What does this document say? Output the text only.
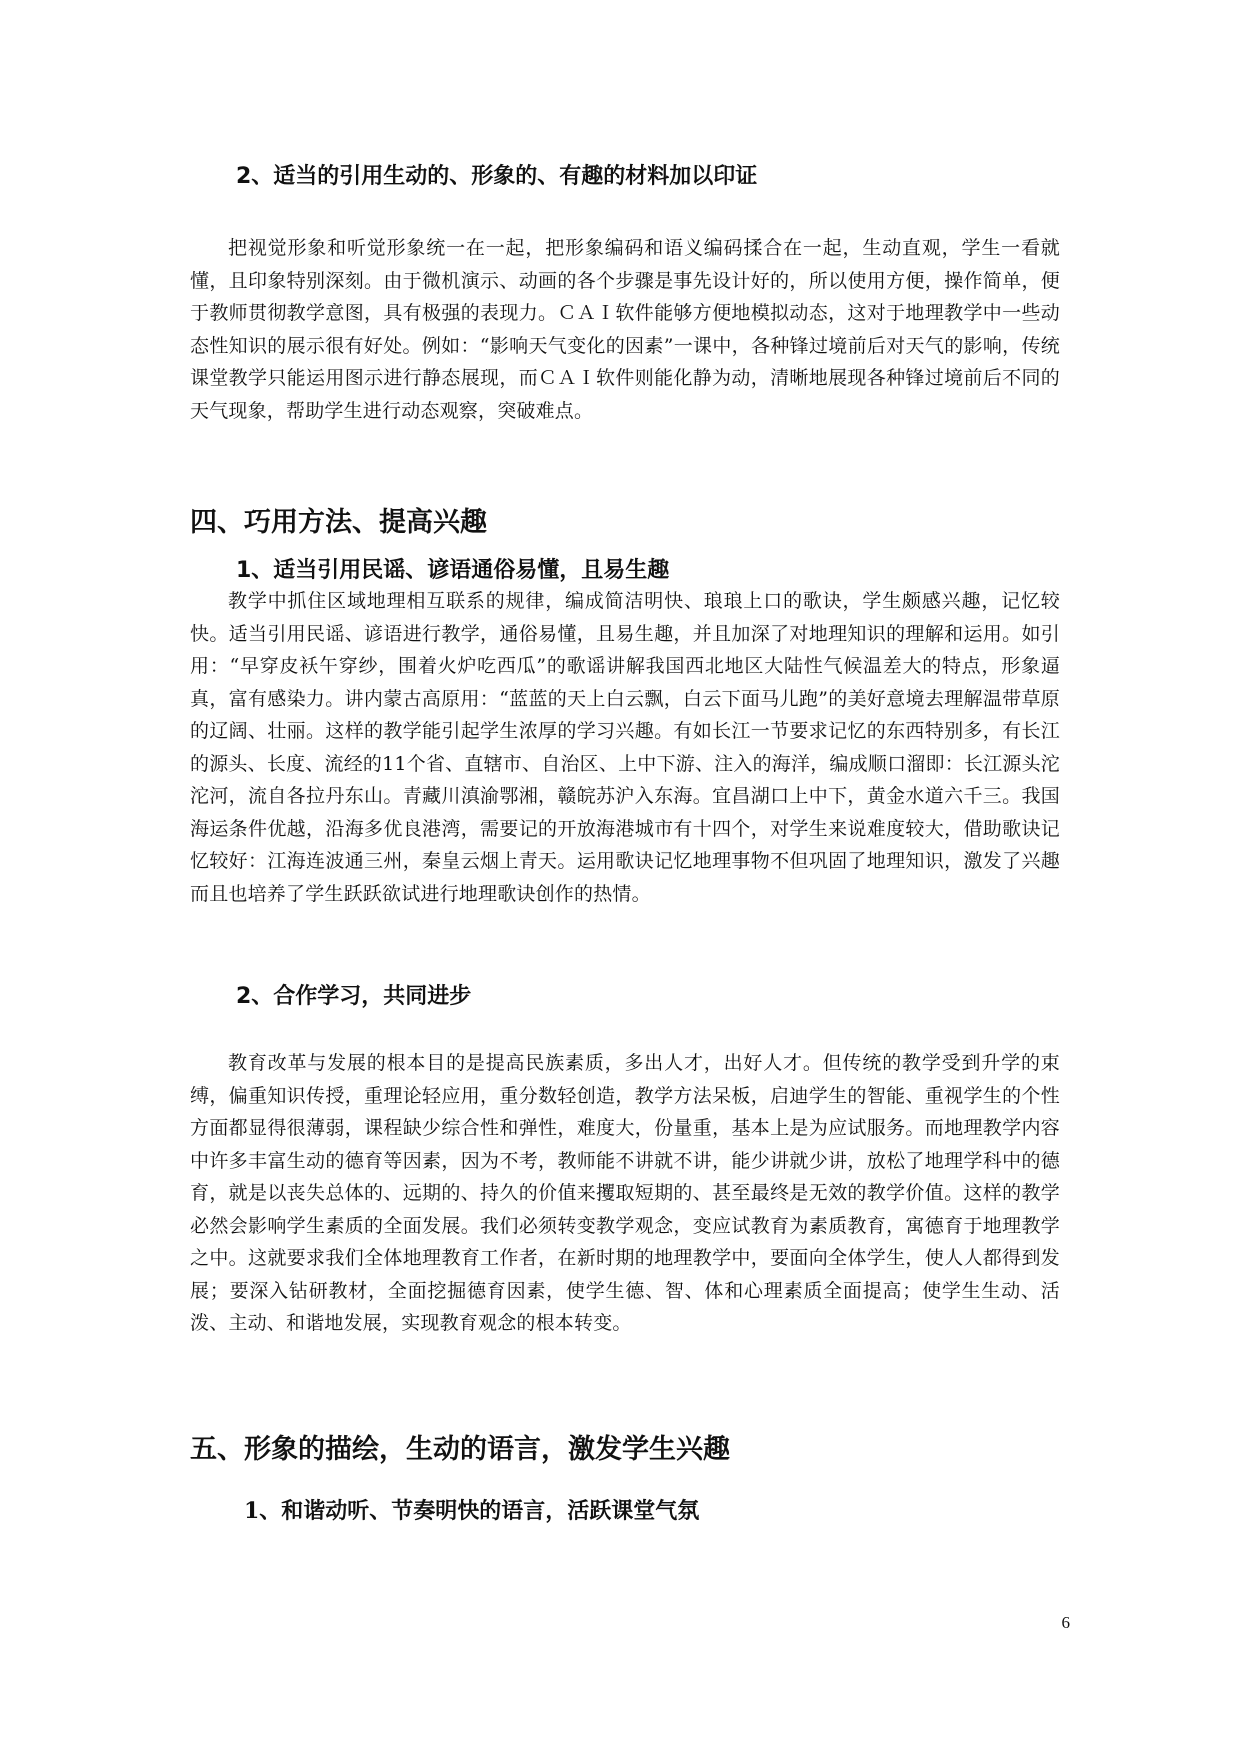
2、适当的引用生动的、形象的、有趣的材料加以印证

把视觉形象和听觉形象统一在一起，把形象编码和语义编码揉合在一起，生动直观，学生一看就懂，且印象特别深刻。由于微机演示、动画的各个步骤是事先设计好的，所以使用方便，操作简单，便于教师贯彻教学意图，具有极强的表现力。ＣＡＩ软件能够方便地模拟动态，这对于地理教学中一些动态性知识的展示很有好处。例如：“影响天气变化的因素”一课中，各种锋过境前后对天气的影响，传统课堂教学只能运用图示进行静态展现，而ＣＡＩ软件则能化静为动，清晰地展现各种锋过境前后不同的天气现象，帮助学生进行动态观察，突破难点。

四、巧用方法、提高兴趣
1、适当引用民谣、谚语通俗易懂，且易生趣

教学中抓住区域地理相互联系的规律，编成简洁明快、琅琅上口的歌诀，学生颇感兴趣，记忆较快。适当引用民谣、谚语进行教学，通俗易懂，且易生趣，并且加深了对地理知识的理解和运用。如引用：“早穿皮袄午穿纱，围着火炉吃西瓜”的歌谣讲解我国西北地区大陆性气候温差大的特点，形象逼真，富有感染力。讲内蒙古高原用：“蓝蓝的天上白云飘，白云下面马儿跑”的美好意境去理解温带草原的辽阔、壮丽。这样的教学能引起学生浓厚的学习兴趣。有如长江一节要求记忆的东西特别多，有长江的源头、长度、流经的11个省、直辖市、自治区、上中下游、注入的海洋，编成顺口溜即：长江源头沱沱河，流自各拉丹东山。青藏川滇渝鄂湘，赣皖苏沪入东海。宜昌湖口上中下，黄金水道六千三。我国海运条件优越，沿海多优良港湾，需要记的开放海港城市有十四个，对学生来说难度较大，借助歌诀记忆较好：江海连波通三州，秦皇云烟上青天。运用歌诀记忆地理事物不但巩固了地理知识，激发了兴趣而且也培养了学生跃跃欲试进行地理歌诀创作的热情。

2、合作学习，共同进步

教育改革与发展的根本目的是提高民族素质，多出人才，出好人才。但传统的教学受到升学的束缚，偏重知识传授，重理论轻应用，重分数轻创造，教学方法呆板，启迪学生的智能、重视学生的个性方面都显得很薄弱，课程缺少综合性和弹性，难度大，份量重，基本上是为应试服务。而地理教学内容中许多丰富生动的德育等因素，因为不考，教师能不讲就不讲，能少讲就少讲，放松了地理学科中的德育，就是以丧失总体的、远期的、持久的价值来攫取短期的、甚至最终是无效的教学价值。这样的教学必然会影响学生素质的全面发展。我们必须转变教学观念，变应试教育为素质教育，寓德育于地理教学之中。这就要求我们全体地理教育工作者，在新时期的地理教学中，要面向全体学生，使人人都得到发展；要深入钻研教材，全面挖掘德育因素，使学生德、智、体和心理素质全面提高；使学生生动、活泼、主动、和谐地发展，实现教育观念的根本转变。

五、形象的描绘，生动的语言，激发学生兴趣
1、和谐动听、节奏明快的语言，活跃课堂气氛
6
